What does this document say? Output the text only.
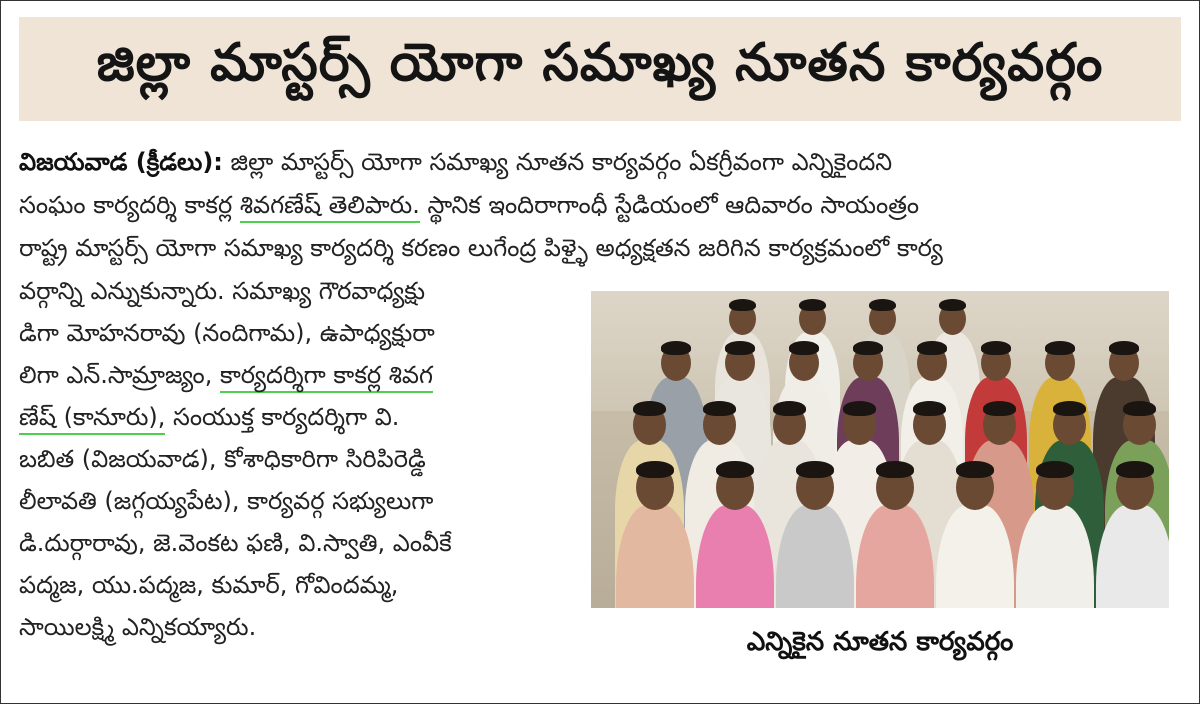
జిల్లా మాస్టర్స్ యోగా సమాఖ్య నూతన కార్యవర్గం
విజయవాడ (క్రీడలు): జిల్లా మాస్టర్స్ యోగా సమాఖ్య నూతన కార్యవర్గం ఏకగ్రీవంగా ఎన్నికైందని
సంఘం కార్యదర్శి కాకర్ల శివగణేష్ తెలిపారు. స్థానిక ఇందిరాగాంధీ స్టేడియంలో ఆదివారం సాయంత్రం
రాష్ట్ర మాస్టర్స్ యోగా సమాఖ్య కార్యదర్శి కరణం లుగేంద్ర పిళ్ళై అధ్యక్షతన జరిగిన కార్యక్రమంలో కార్య
వర్గాన్ని ఎన్నుకున్నారు. సమాఖ్య గౌరవాధ్యక్షు
డిగా మోహనరావు (నందిగామ), ఉపాధ్యక్షురా
లిగా ఎన్.సామ్రాజ్యం, కార్యదర్శిగా కాకర్ల శివగ
ణేష్ (కానూరు), సంయుక్త కార్యదర్శిగా వి.
బబిత (విజయవాడ), కోశాధికారిగా సిరిపిరెడ్డి
లీలావతి (జగ్గయ్యపేట), కార్యవర్గ సభ్యులుగా
డి.దుర్గారావు, జె.వెంకట ఫణి, వి.స్వాతి, ఎంవీకే
పద్మజ, యు.పద్మజ, కుమార్, గోవిందమ్మ,
సాయిలక్ష్మి ఎన్నికయ్యారు.	ఎన్నికైన నూతన కార్యవర్గం
